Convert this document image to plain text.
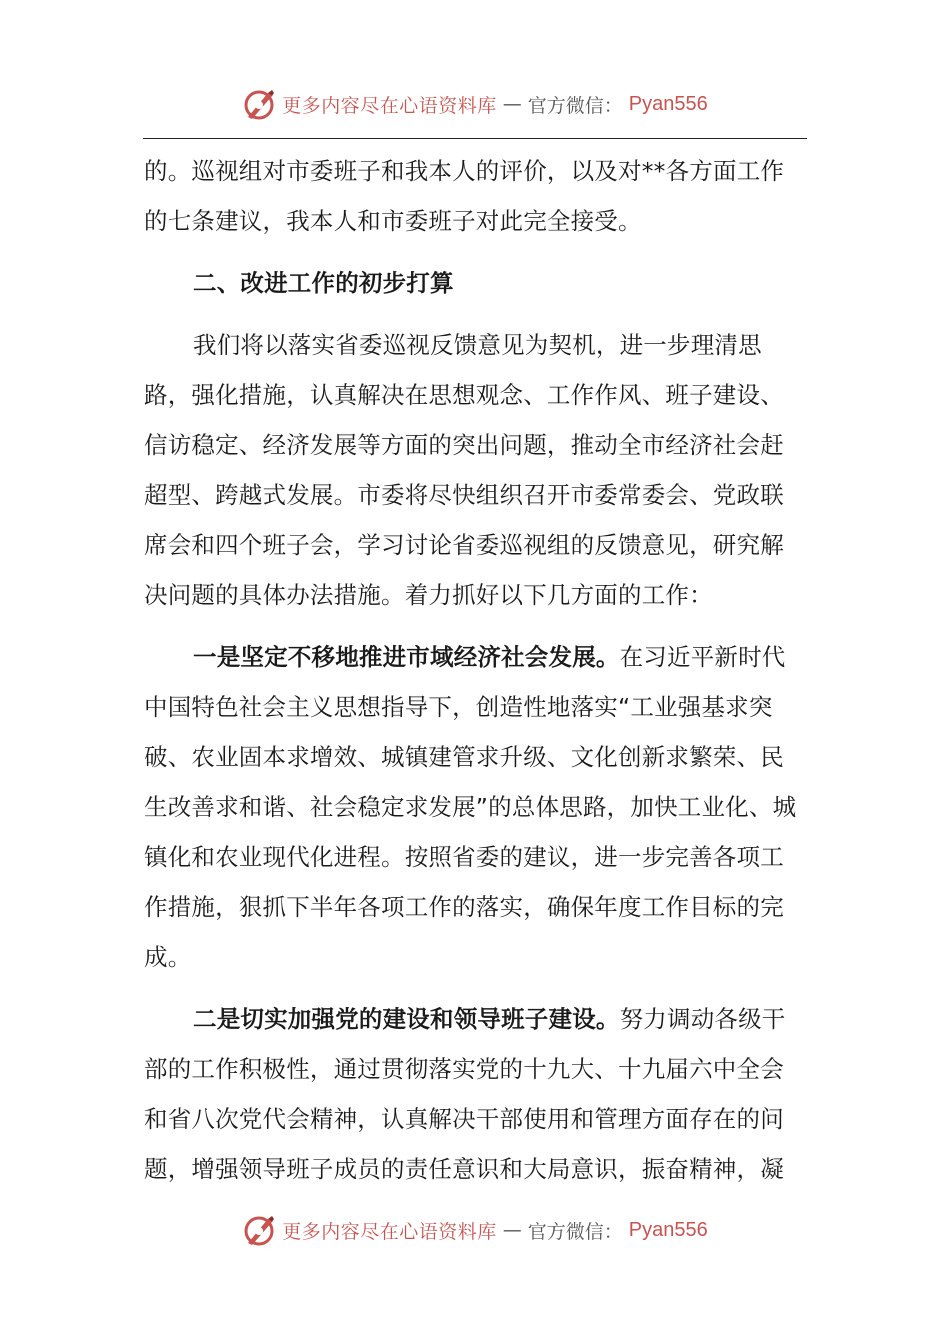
更多内容尽在心语资料库 — 官方微信： Pyan556

的。巡视组对市委班子和我本人的评价，以及对**各方面工作的七条建议，我本人和市委班子对此完全接受。

二、改进工作的初步打算

我们将以落实省委巡视反馈意见为契机，进一步理清思路，强化措施，认真解决在思想观念、工作作风、班子建设、信访稳定、经济发展等方面的突出问题，推动全市经济社会赶超型、跨越式发展。市委将尽快组织召开市委常委会、党政联席会和四个班子会，学习讨论省委巡视组的反馈意见，研究解决问题的具体办法措施。着力抓好以下几方面的工作：

一是坚定不移地推进市域经济社会发展。在习近平新时代中国特色社会主义思想指导下，创造性地落实“工业强基求突破、农业固本求增效、城镇建管求升级、文化创新求繁荣、民生改善求和谐、社会稳定求发展”的总体思路，加快工业化、城镇化和农业现代化进程。按照省委的建议，进一步完善各项工作措施，狠抓下半年各项工作的落实，确保年度工作目标的完成。

二是切实加强党的建设和领导班子建设。努力调动各级干部的工作积极性，通过贯彻落实党的十九大、十九届六中全会和省八次党代会精神，认真解决干部使用和管理方面存在的问题，增强领导班子成员的责任意识和大局意识，振奋精神，凝

更多内容尽在心语资料库 — 官方微信： Pyan556
